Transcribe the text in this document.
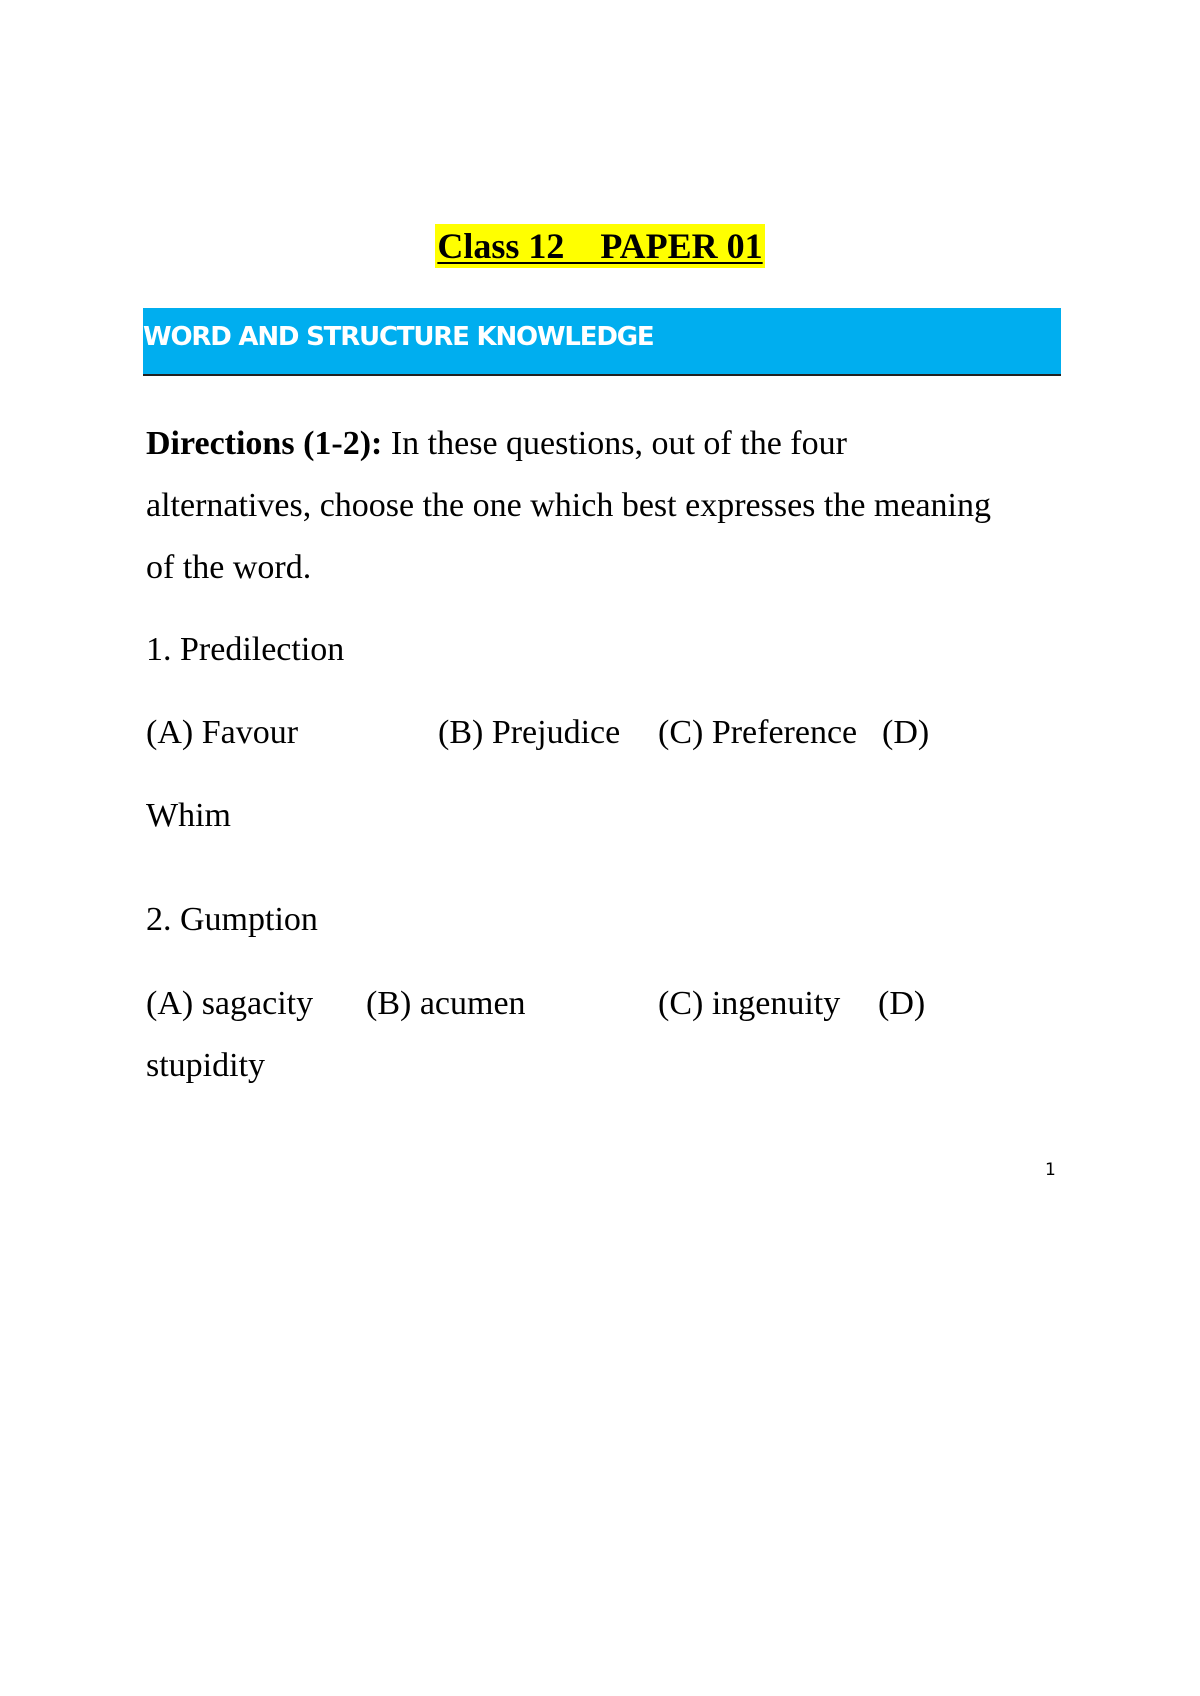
Class 12    PAPER 01
WORD AND STRUCTURE KNOWLEDGE
Directions (1-2): In these questions, out of the four
alternatives, choose the one which best expresses the meaning
of the word.
1. Predilection
(A) Favour	(B) Prejudice (C) Preference (D)
Whim
2. Gumption
(A) sagacity (B) acumen	(C) ingenuity (D)
stupidity
1
